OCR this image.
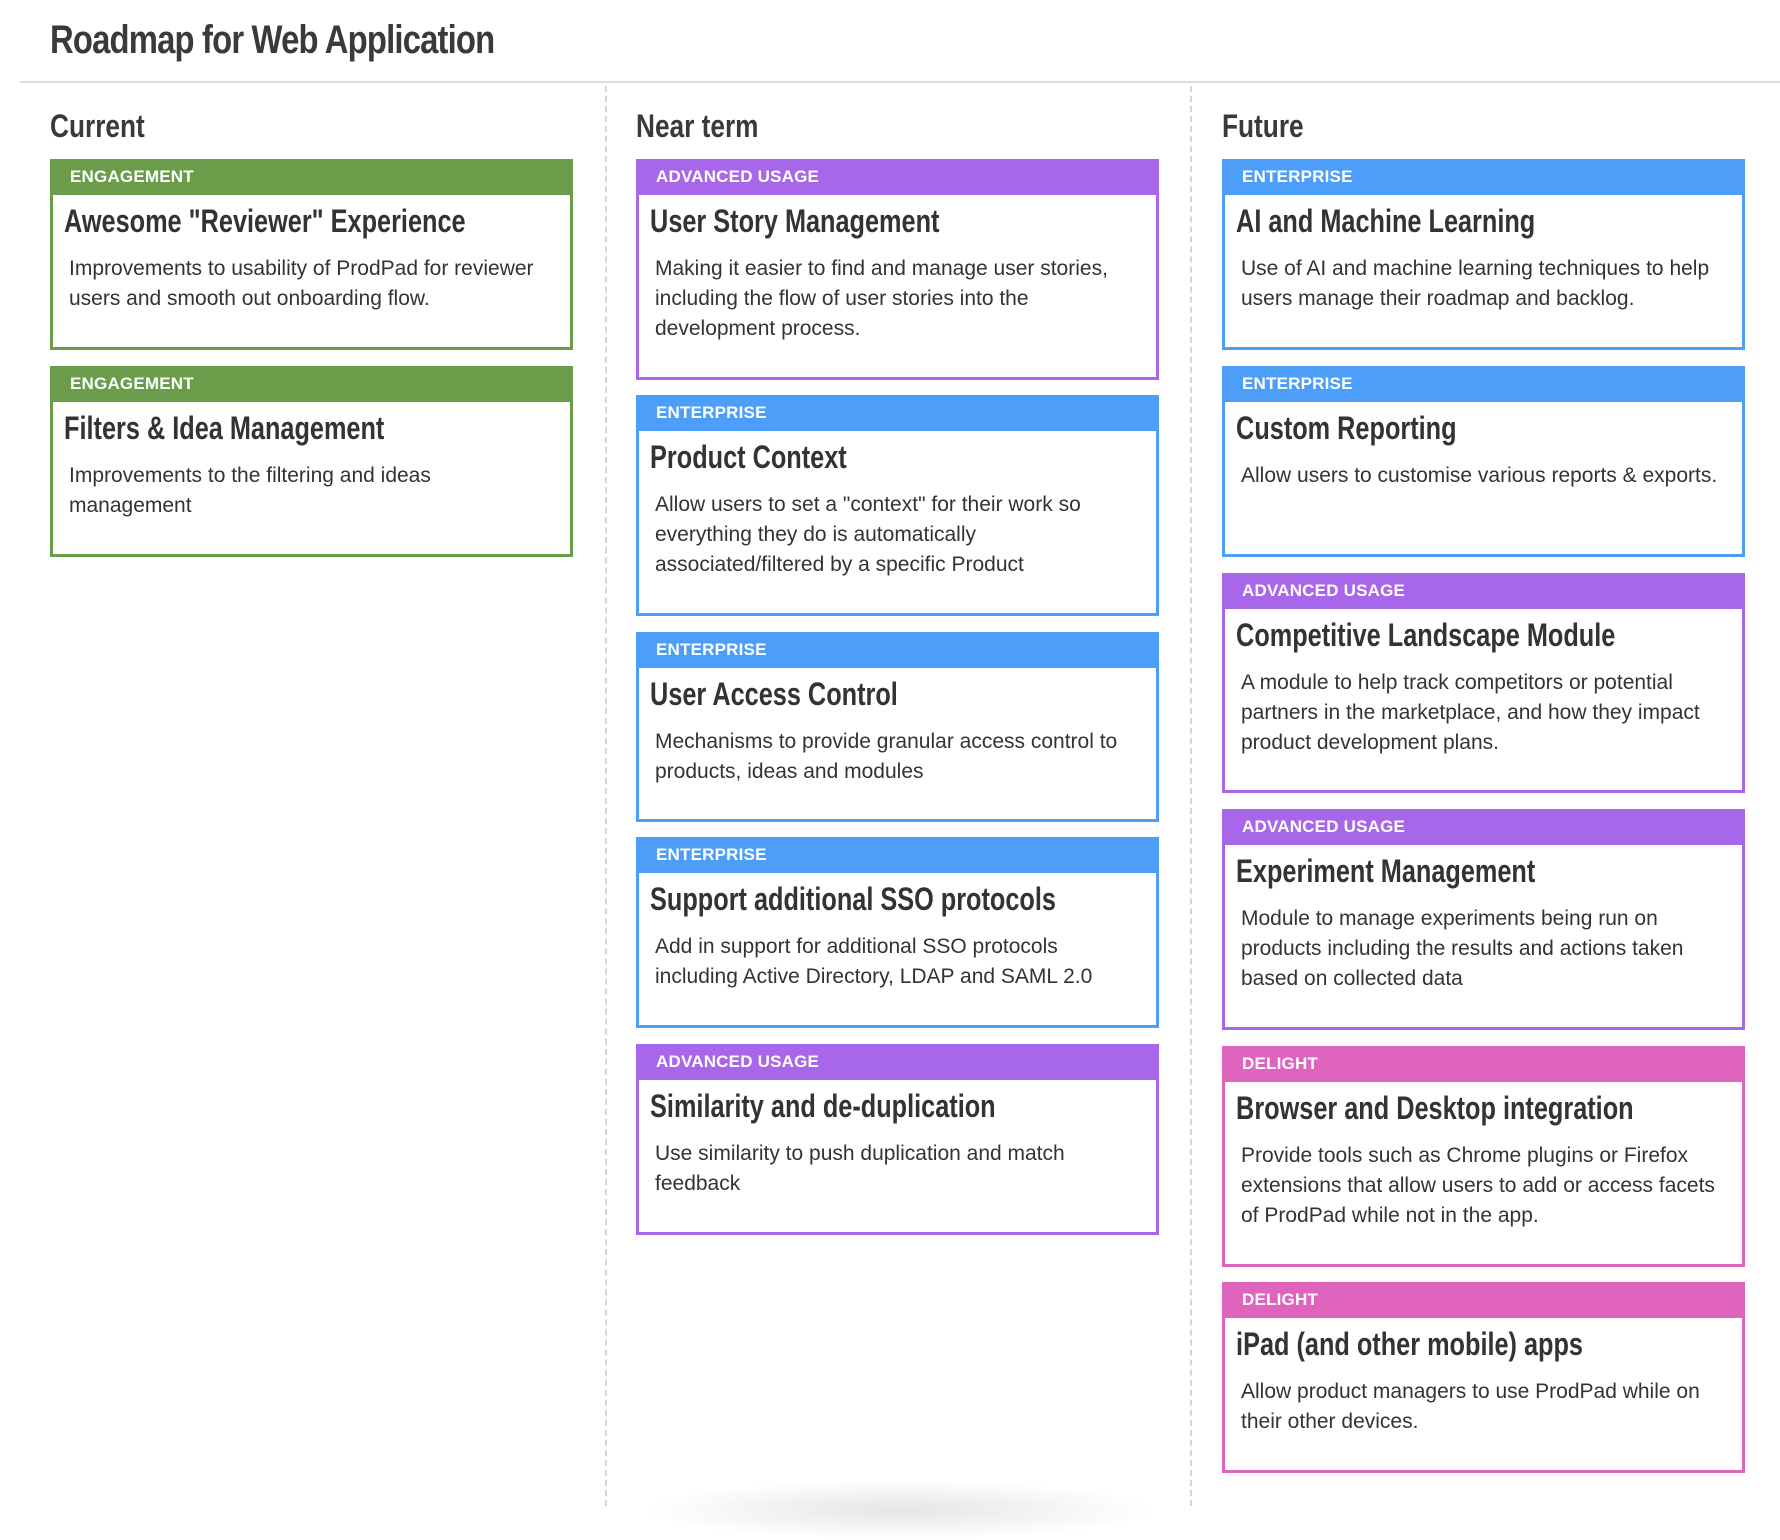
Roadmap for Web Application
Current
ENGAGEMENT
Awesome "Reviewer" Experience

Improvements to usability of ProdPad for reviewer users and smooth out onboarding flow.

ENGAGEMENT
Filters & Idea Management

Improvements to the filtering and ideas management

Near term
ADVANCED USAGE
User Story Management

Making it easier to find and manage user stories, including the flow of user stories into the development process.

ENTERPRISE
Product Context

Allow users to set a "context" for their work so everything they do is automatically associated/filtered by a specific Product

ENTERPRISE
User Access Control

Mechanisms to provide granular access control to products, ideas and modules

ENTERPRISE
Support additional SSO protocols

Add in support for additional SSO protocols including Active Directory, LDAP and SAML 2.0

ADVANCED USAGE
Similarity and de-duplication

Use similarity to push duplication and match feedback

Future
ENTERPRISE
AI and Machine Learning

Use of AI and machine learning techniques to help users manage their roadmap and backlog.

ENTERPRISE
Custom Reporting

Allow users to customise various reports & exports.

ADVANCED USAGE
Competitive Landscape Module

A module to help track competitors or potential partners in the marketplace, and how they impact product development plans.

ADVANCED USAGE
Experiment Management

Module to manage experiments being run on products including the results and actions taken based on collected data

DELIGHT
Browser and Desktop integration

Provide tools such as Chrome plugins or Firefox extensions that allow users to add or access facets of ProdPad while not in the app.

DELIGHT
iPad (and other mobile) apps

Allow product managers to use ProdPad while on their other devices.
